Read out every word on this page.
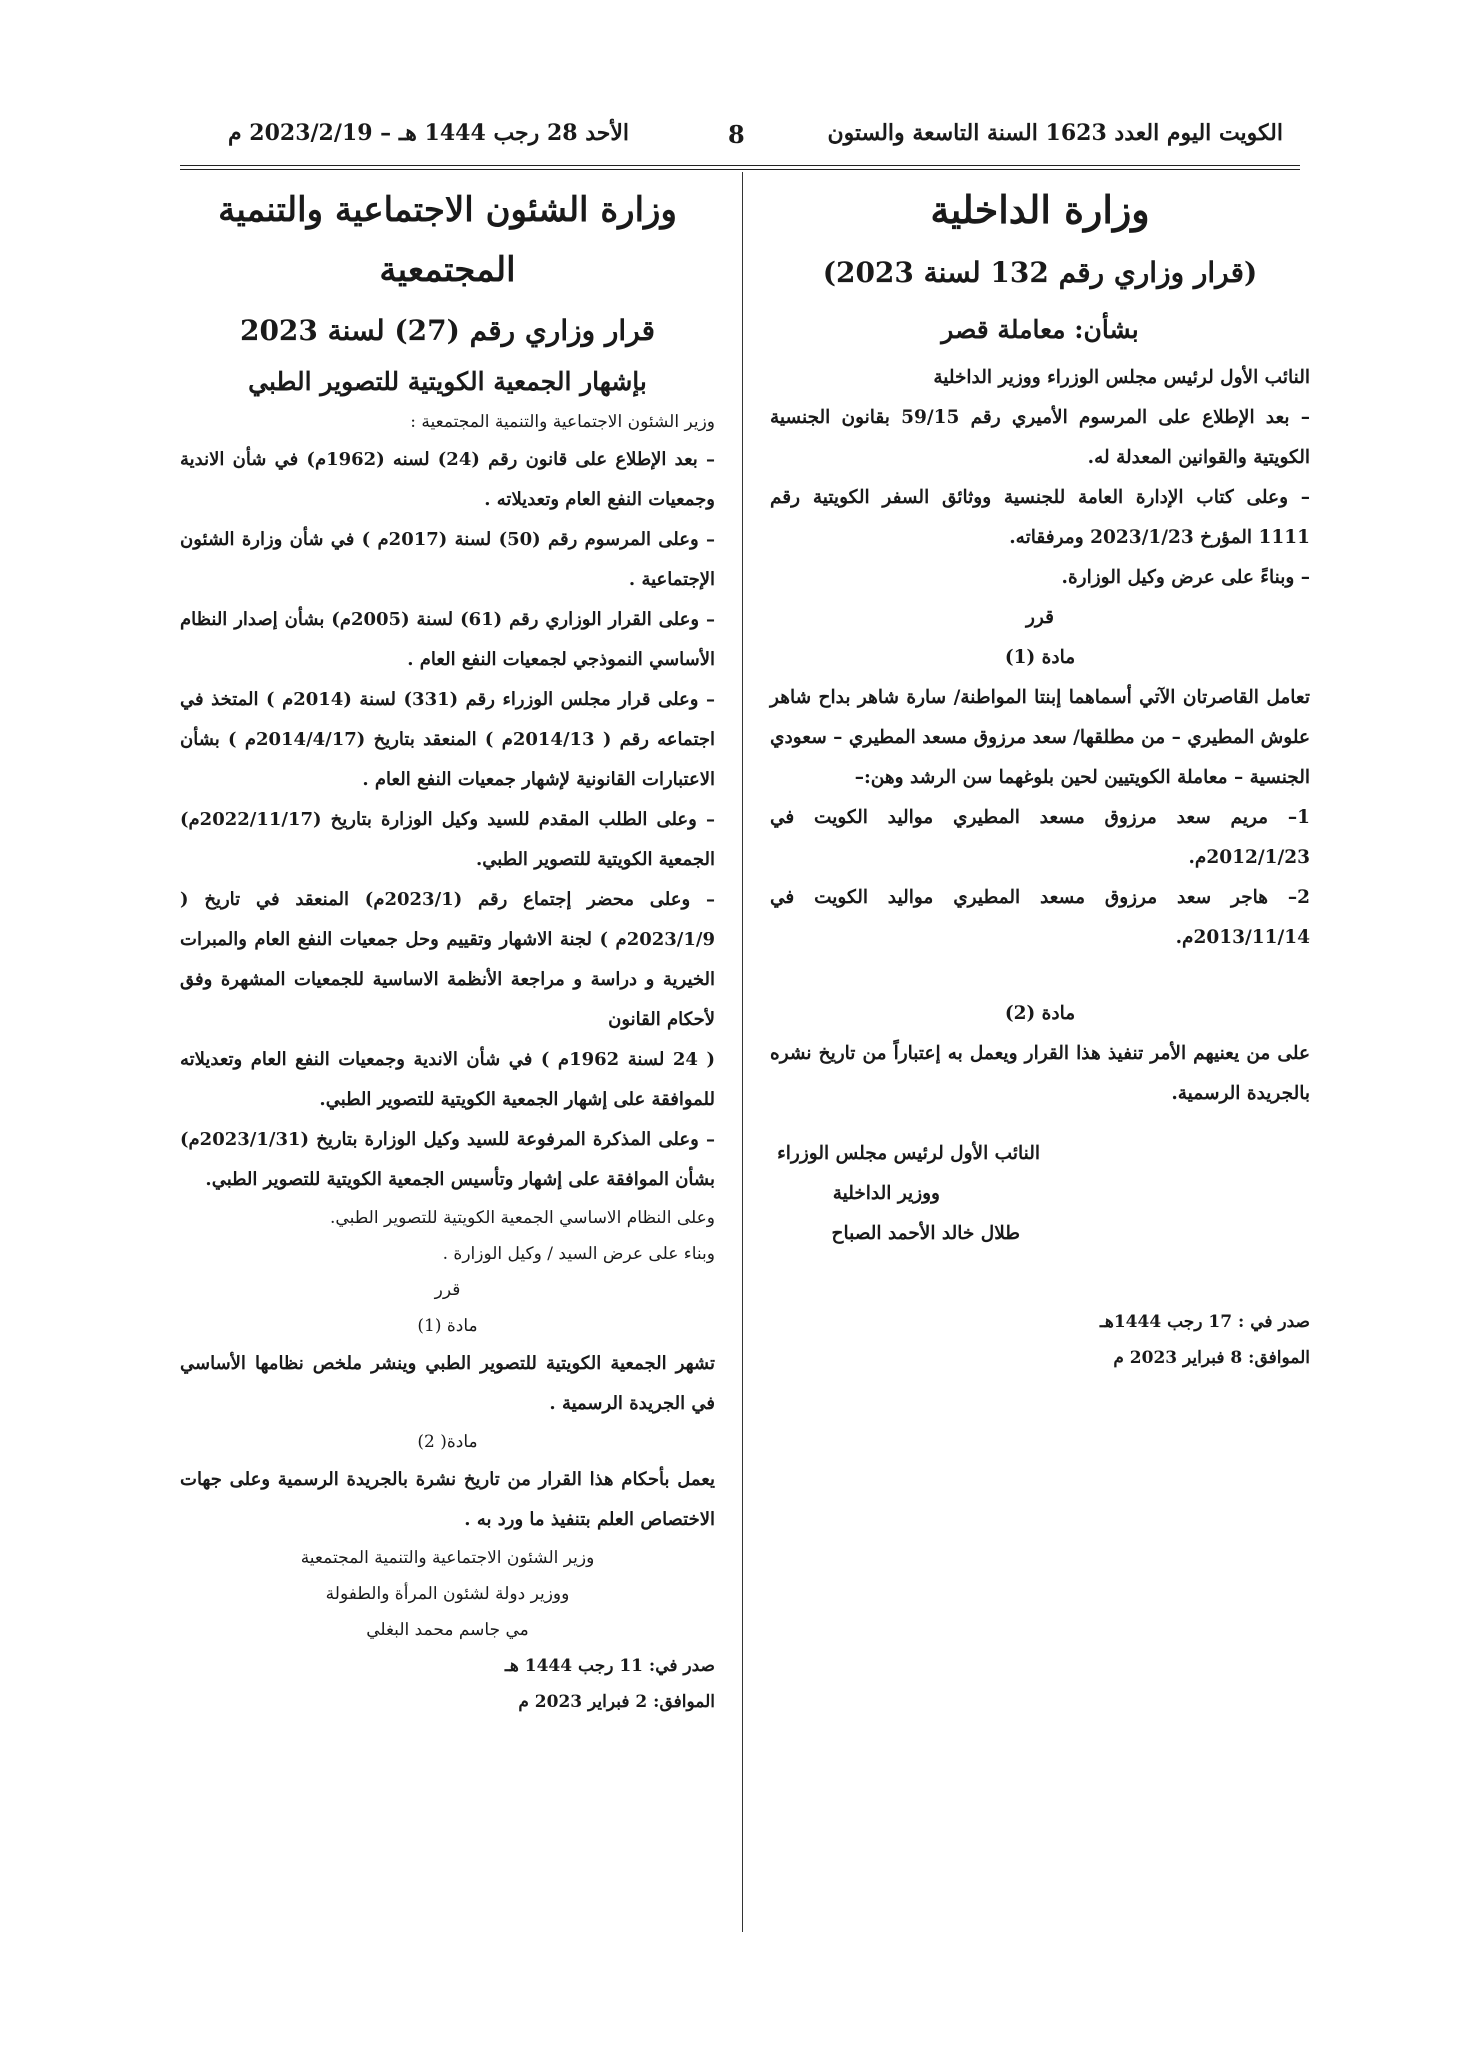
الكويت اليوم العدد 1623 السنة التاسعة والستون
8
الأحد 28 رجب 1444 هـ – 2023/2/19 م
وزارة الداخلية
(قرار وزاري رقم 132 لسنة 2023)
بشأن: معاملة قصر
النائب الأول لرئيس مجلس الوزراء ووزير الداخلية
– بعد الإطلاع على المرسوم الأميري رقم 59/15 بقانون الجنسية الكويتية والقوانين المعدلة له.
– وعلى كتاب الإدارة العامة للجنسية ووثائق السفر الكويتية رقم 1111 المؤرخ 2023/1/23 ومرفقاته.
– وبناءً على عرض وكيل الوزارة.
قرر
مادة (1)
تعامل القاصرتان الآتي أسماهما إبنتا المواطنة/ سارة شاهر بداح شاهر علوش المطيري – من مطلقها/ سعد مرزوق مسعد المطيري – سعودي الجنسية – معاملة الكويتيين لحين بلوغهما سن الرشد وهن:–
1– مريم سعد مرزوق مسعد المطيري مواليد الكويت في 2012/1/23م.
2– هاجر سعد مرزوق مسعد المطيري مواليد الكويت في 2013/11/14م.
مادة (2)
على من يعنيهم الأمر تنفيذ هذا القرار ويعمل به إعتباراً من تاريخ نشره بالجريدة الرسمية.
النائب الأول لرئيس مجلس الوزراء
ووزير الداخلية
طلال خالد الأحمد الصباح
صدر في : 17 رجب 1444هـ
الموافق: 8 فبراير 2023 م
وزارة الشئون الاجتماعية والتنمية المجتمعية
قرار وزاري رقم (27) لسنة 2023
بإشهار الجمعية الكويتية للتصوير الطبي
وزير الشئون الاجتماعية والتنمية المجتمعية :
– بعد الإطلاع على قانون رقم (24) لسنه (1962م) في شأن الاندية وجمعيات النفع العام وتعديلاته .
– وعلى المرسوم رقم (50) لسنة (2017م ) في شأن وزارة الشئون الإجتماعية .
– وعلى القرار الوزاري رقم (61) لسنة (2005م) بشأن إصدار النظام الأساسي النموذجي لجمعيات النفع العام .
– وعلى قرار مجلس الوزراء رقم (331) لسنة (2014م ) المتخذ في اجتماعه رقم ( 2014/13م ) المنعقد بتاريخ (2014/4/17م ) بشأن الاعتبارات القانونية لإشهار جمعيات النفع العام .
– وعلى الطلب المقدم للسيد وكيل الوزارة بتاريخ (2022/11/17م) الجمعية الكويتية للتصوير الطبي.
– وعلى محضر إجتماع رقم (2023/1م) المنعقد في تاريخ ( 2023/1/9م ) لجنة الاشهار وتقييم وحل جمعيات النفع العام والمبرات الخيرية و دراسة و مراجعة الأنظمة الاساسية للجمعيات المشهرة وفق لأحكام القانون
( 24 لسنة 1962م ) في شأن الاندية وجمعيات النفع العام وتعديلاته للموافقة على إشهار الجمعية الكويتية للتصوير الطبي.
– وعلى المذكرة المرفوعة للسيد وكيل الوزارة بتاريخ (2023/1/31م) بشأن الموافقة على إشهار وتأسيس الجمعية الكويتية للتصوير الطبي.
وعلى النظام الاساسي الجمعية الكويتية للتصوير الطبي.
وبناء على عرض السيد / وكيل الوزارة .
قرر
مادة (1)
تشهر الجمعية الكويتية للتصوير الطبي وينشر ملخص نظامها الأساسي في الجريدة الرسمية .
مادة( 2)
يعمل بأحكام هذا القرار من تاريخ نشرة بالجريدة الرسمية وعلى جهات الاختصاص العلم بتنفيذ ما ورد به .
وزير الشئون الاجتماعية والتنمية المجتمعية
ووزير دولة لشئون المرأة والطفولة
مي جاسم محمد البغلي
صدر في: 11 رجب 1444 هـ
الموافق: 2 فبراير 2023 م
